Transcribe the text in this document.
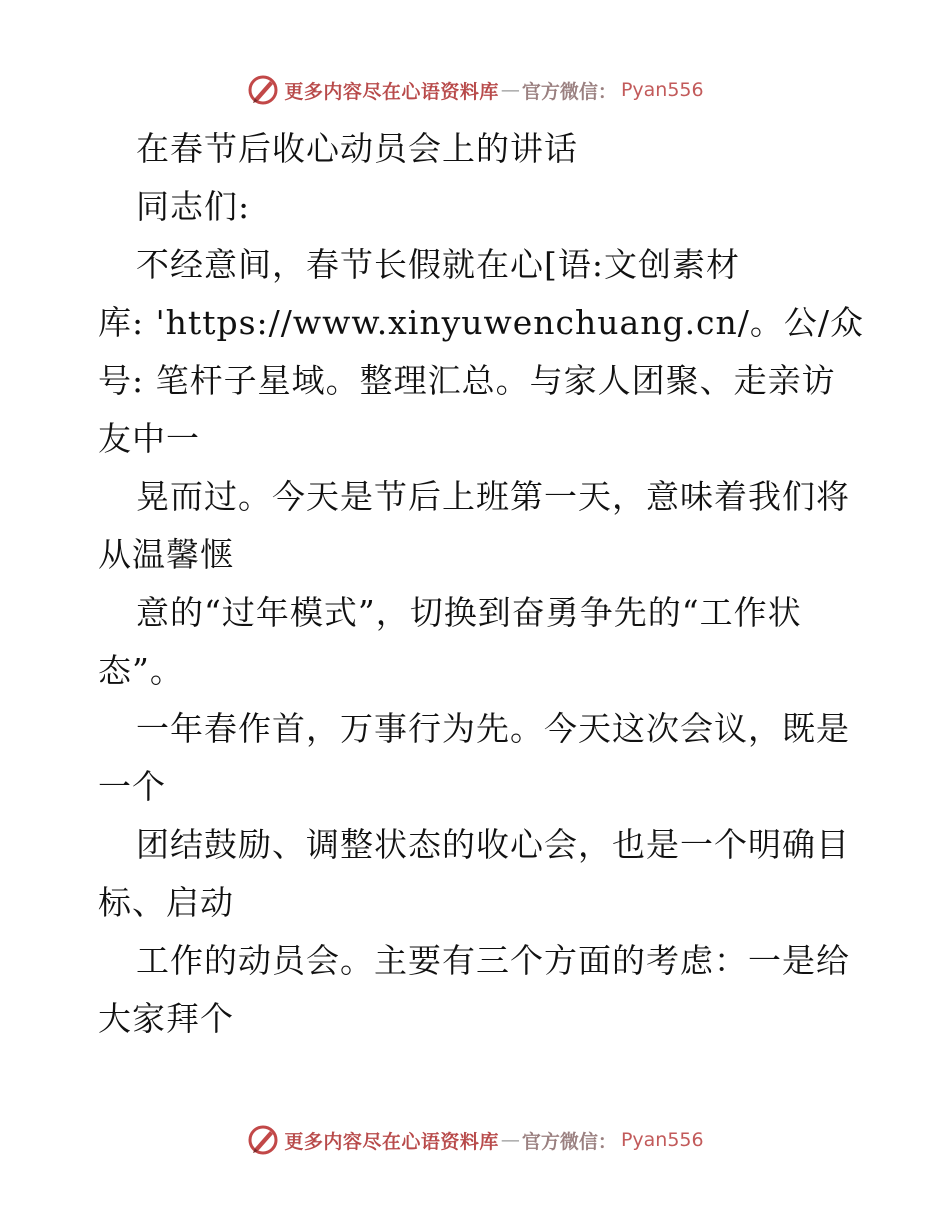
更多内容尽在心语资料库 — 官方微信： Pyan556
在春节后收心动员会上的讲话
同志们:
不经意间，春节长假就在心[语:文创素材
库: 'https://www.xinyuwenchuang.cn/。公/众
号: 笔杆子星域。整理汇总。与家人团聚、走亲访
友中一
晃而过。今天是节后上班第一天，意味着我们将
从温馨惬
意的“过年模式”，切换到奋勇争先的“工作状
态”。
一年春作首，万事行为先。今天这次会议，既是
一个
团结鼓励、调整状态的收心会，也是一个明确目
标、启动
工作的动员会。主要有三个方面的考虑：一是给
大家拜个
更多内容尽在心语资料库 — 官方微信： Pyan556
